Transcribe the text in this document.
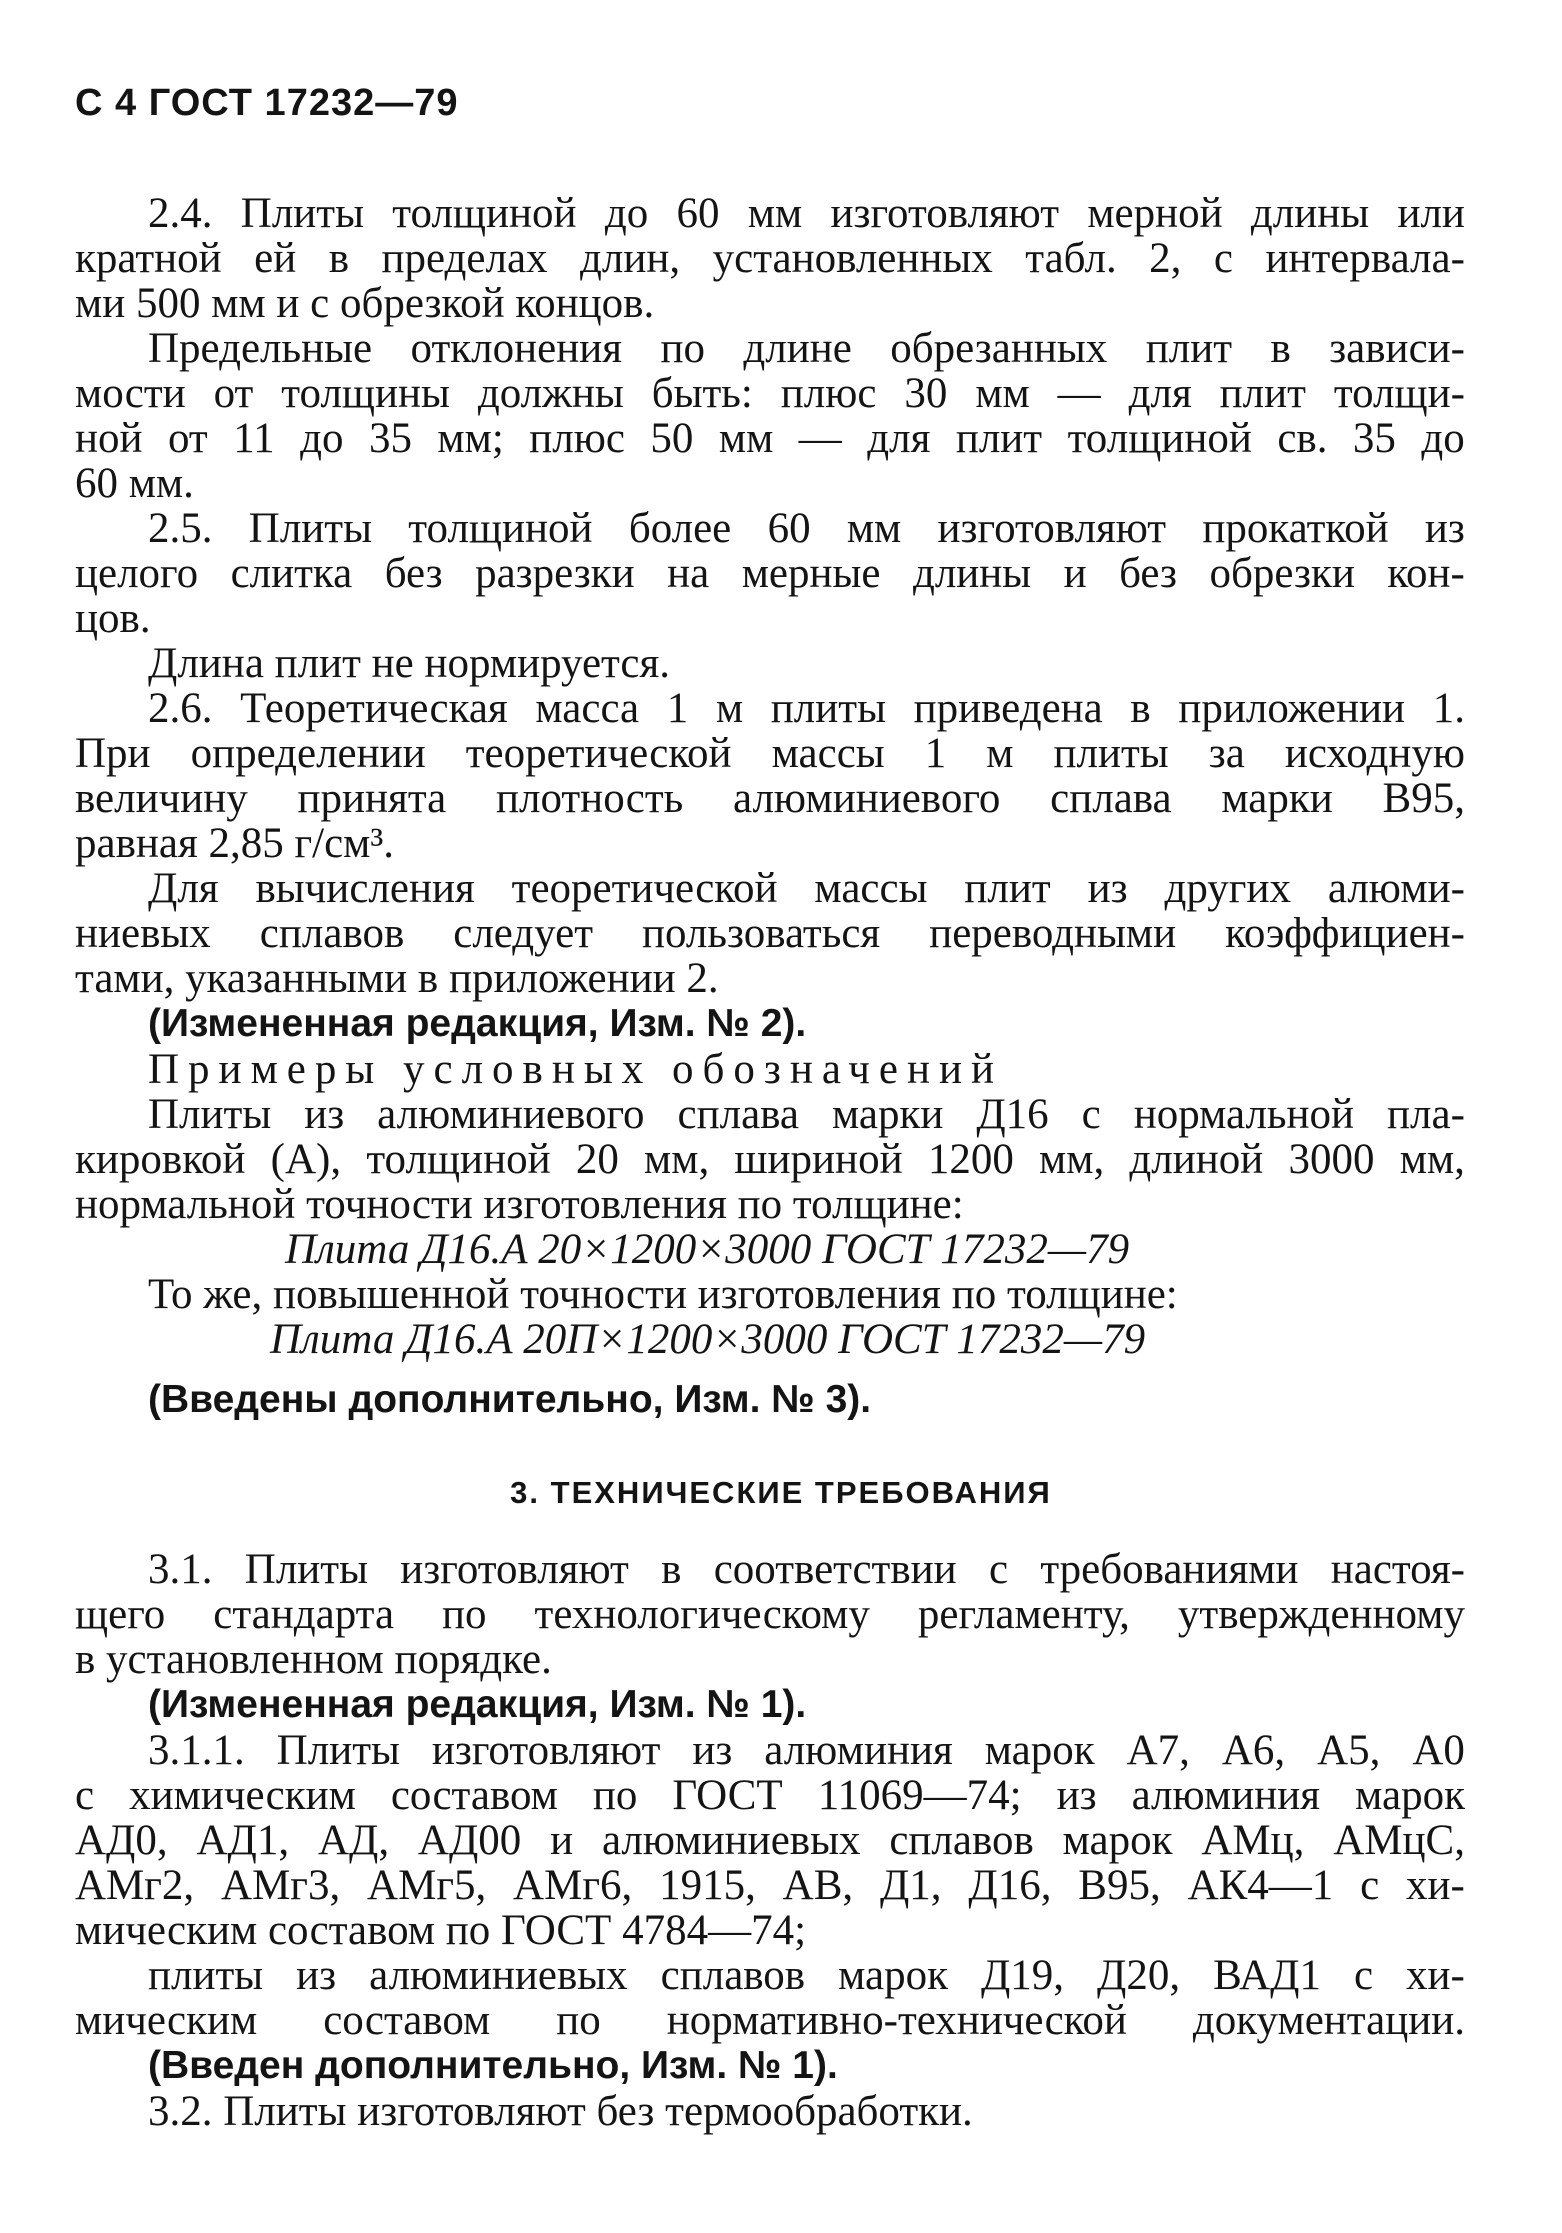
С 4 ГОСТ 17232—79
2.4. Плиты толщиной до 60 мм изготовляют мерной длины или
кратной ей в пределах длин, установленных табл. 2, с интервала-
ми 500 мм и с обрезкой концов.
Предельные отклонения по длине обрезанных плит в зависи-
мости от толщины должны быть: плюс 30 мм — для плит толщи-
ной от 11 до 35 мм; плюс 50 мм — для плит толщиной св. 35 до
60 мм.
2.5. Плиты толщиной более 60 мм изготовляют прокаткой из
целого слитка без разрезки на мерные длины и без обрезки кон-
цов.
Длина плит не нормируется.
2.6. Теоретическая масса 1 м плиты приведена в приложении 1.
При определении теоретической массы 1 м плиты за исходную
величину принята плотность алюминиевого сплава марки В95,
равная 2,85 г/см³.
Для вычисления теоретической массы плит из других алюми-
ниевых сплавов следует пользоваться переводными коэффициен-
тами, указанными в приложении 2.
(Измененная редакция, Изм. № 2).
Примеры условных обозначений
Плиты из алюминиевого сплава марки Д16 с нормальной пла-
кировкой (А), толщиной 20 мм, шириной 1200 мм, длиной 3000 мм,
нормальной точности изготовления по толщине:
Плита Д16.А 20×1200×3000 ГОСТ 17232—79
То же, повышенной точности изготовления по толщине:
Плита Д16.А 20П×1200×3000 ГОСТ 17232—79
(Введены дополнительно, Изм. № 3).
3. ТЕХНИЧЕСКИЕ ТРЕБОВАНИЯ
3.1. Плиты изготовляют в соответствии с требованиями настоя-
щего стандарта по технологическому регламенту, утвержденному
в установленном порядке.
(Измененная редакция, Изм. № 1).
3.1.1. Плиты изготовляют из алюминия марок А7, А6, А5, А0
с химическим составом по ГОСТ 11069—74; из алюминия марок
АД0, АД1, АД, АД00 и алюминиевых сплавов марок АМц, АМцС,
АМг2, АМг3, АМг5, АМг6, 1915, АВ, Д1, Д16, В95, АК4—1 с хи-
мическим составом по ГОСТ 4784—74;
плиты из алюминиевых сплавов марок Д19, Д20, ВАД1 с хи-
мическим составом по нормативно-технической документации.
(Введен дополнительно, Изм. № 1).
3.2. Плиты изготовляют без термообработки.
